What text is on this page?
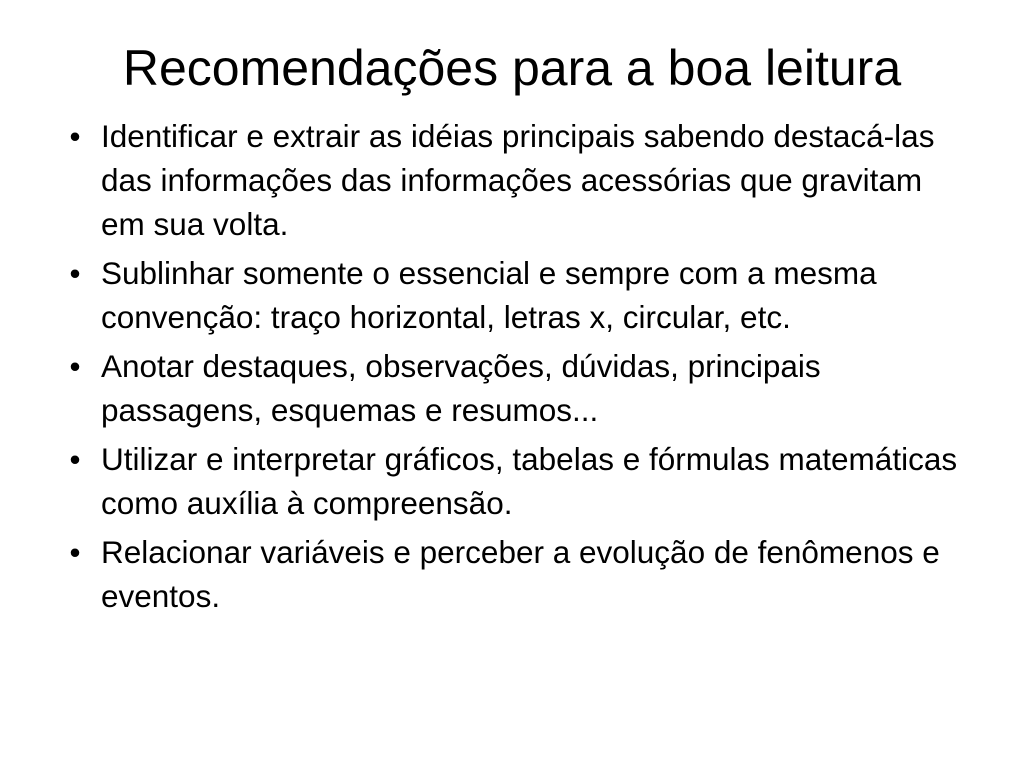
Recomendações para a boa leitura
• Identificar e extrair as idéias principais sabendo destacá-las das informações das informações acessórias que gravitam em sua volta.
• Sublinhar somente o essencial e sempre com a mesma convenção: traço horizontal, letras x, circular, etc.
• Anotar destaques, observações, dúvidas, principais passagens, esquemas e resumos...
• Utilizar e interpretar gráficos, tabelas e fórmulas matemáticas como auxília à compreensão.
• Relacionar variáveis e perceber a evolução de fenômenos e eventos.
